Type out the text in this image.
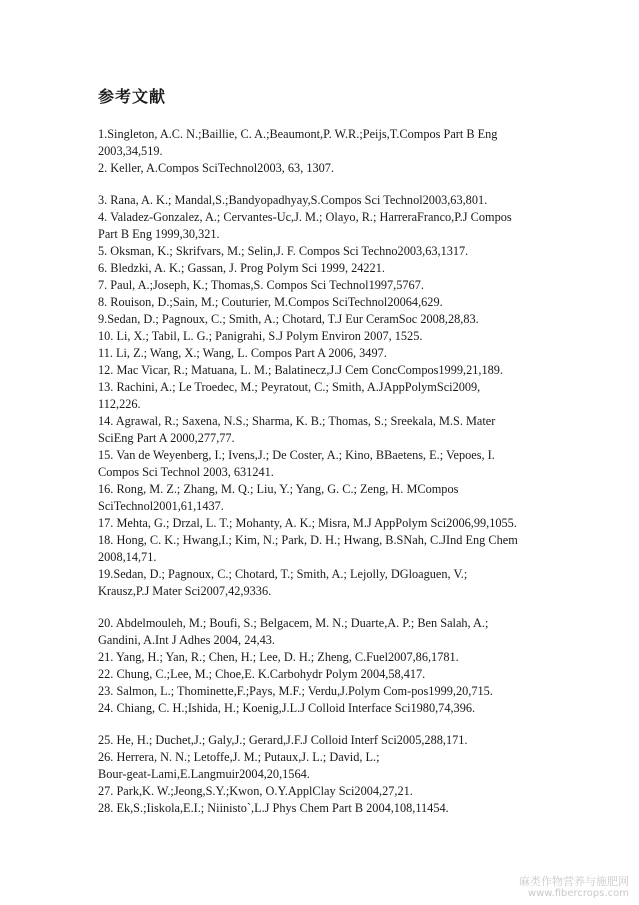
参考文献
1.Singleton, A.C. N.;Baillie, C. A.;Beaumont,P. W.R.;Peijs,T.Compos Part B Eng
2003,34,519.
2. Keller, A.Compos SciTechnol2003, 63, 1307.
3. Rana, A. K.; Mandal,S.;Bandyopadhyay,S.Compos Sci Technol2003,63,801.
4. Valadez-Gonzalez, A.; Cervantes-Uc,J. M.; Olayo, R.; HarreraFranco,P.J Compos
Part B Eng 1999,30,321.
5. Oksman, K.; Skrifvars, M.; Selin,J. F. Compos Sci Techno2003,63,1317.
6. Bledzki, A. K.; Gassan, J. Prog Polym Sci 1999, 24221.
7. Paul, A.;Joseph, K.; Thomas,S. Compos Sci Technol1997,5767.
8. Rouison, D.;Sain, M.; Couturier, M.Compos SciTechnol20064,629.
9.Sedan, D.; Pagnoux, C.; Smith, A.; Chotard, T.J Eur CeramSoc 2008,28,83.
10. Li, X.; Tabil, L. G.; Panigrahi, S.J Polym Environ 2007, 1525.
11. Li, Z.; Wang, X.; Wang, L. Compos Part A 2006, 3497.
12. Mac Vicar, R.; Matuana, L. M.; Balatinecz,J.J Cem ConcCompos1999,21,189.
13. Rachini, A.; Le Troedec, M.; Peyratout, C.; Smith, A.JAppPolymSci2009,
112,226.
14. Agrawal, R.; Saxena, N.S.; Sharma, K. B.; Thomas, S.; Sreekala, M.S. Mater
SciEng Part A 2000,277,77.
15. Van de Weyenberg, I.; Ivens,J.; De Coster, A.; Kino, BBaetens, E.; Vepoes, I.
Compos Sci Technol 2003, 631241.
16. Rong, M. Z.; Zhang, M. Q.; Liu, Y.; Yang, G. C.; Zeng, H. MCompos
SciTechnol2001,61,1437.
17. Mehta, G.; Drzal, L. T.; Mohanty, A. K.; Misra, M.J AppPolym Sci2006,99,1055.
18. Hong, C. K.; Hwang,I.; Kim, N.; Park, D. H.; Hwang, B.SNah, C.JInd Eng Chem
2008,14,71.
19.Sedan, D.; Pagnoux, C.; Chotard, T.; Smith, A.; Lejolly, DGloaguen, V.;
Krausz,P.J Mater Sci2007,42,9336.
20. Abdelmouleh, M.; Boufi, S.; Belgacem, M. N.; Duarte,A. P.; Ben Salah, A.;
Gandini, A.Int J Adhes 2004, 24,43.
21. Yang, H.; Yan, R.; Chen, H.; Lee, D. H.; Zheng, C.Fuel2007,86,1781.
22. Chung, C.;Lee, M.; Choe,E. K.Carbohydr Polym 2004,58,417.
23. Salmon, L.; Thominette,F.;Pays, M.F.; Verdu,J.Polym Com-pos1999,20,715.
24. Chiang, C. H.;Ishida, H.; Koenig,J.L.J Colloid Interface Sci1980,74,396.
25. He, H.; Duchet,J.; Galy,J.; Gerard,J.F.J Colloid Interf Sci2005,288,171.
26. Herrera, N. N.; Letoffe,J. M.; Putaux,J. L.; David, L.;
Bour-geat-Lami,E.Langmuir2004,20,1564.
27. Park,K. W.;Jeong,S.Y.;Kwon, O.Y.ApplClay Sci2004,27,21.
28. Ek,S.;Iiskola,E.I.; Niinisto`,L.J Phys Chem Part B 2004,108,11454.
麻类作物营养与施肥网
www.fibercrops.com
